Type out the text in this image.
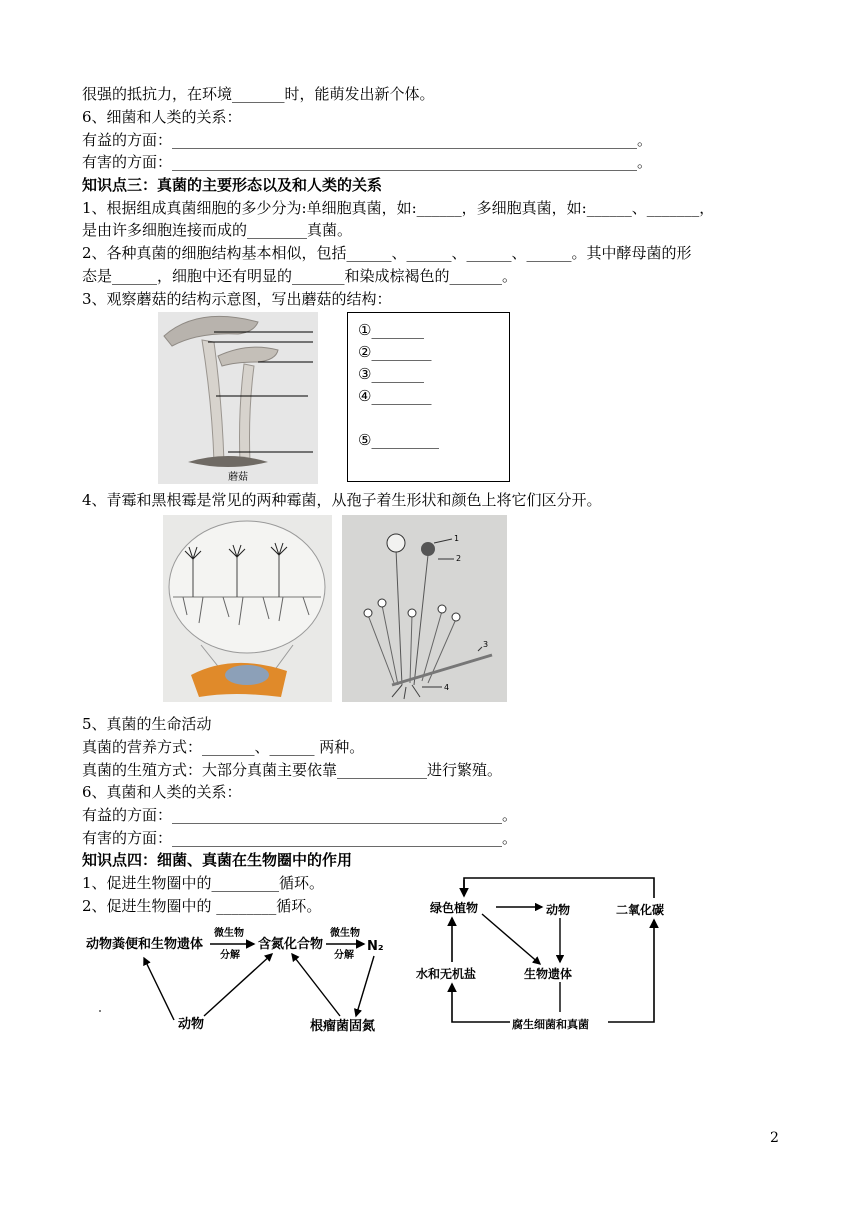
很强的抵抗力，在环境_______时，能萌发出新个体。
6、细菌和人类的关系：
有益的方面：______________________________________________________________。
有害的方面：______________________________________________________________。
知识点三：真菌的主要形态以及和人类的关系
1、根据组成真菌细胞的多少分为:单细胞真菌，如:______，多细胞真菌，如:______、_______，
是由许多细胞连接而成的________真菌。
2、各种真菌的细胞结构基本相似，包括______、______、______、______。其中酵母菌的形
态是______，细胞中还有明显的_______和染成棕褐色的_______。
3、观察蘑菇的结构示意图，写出蘑菇的结构：
蘑菇
①_______
②________
③_______
④________
⑤_________
4、青霉和黑根霉是常见的两种霉菌，从孢子着生形状和颜色上将它们区分开。
1
2
3
4
5、真菌的生命活动
真菌的营养方式：_______、______ 两种。
真菌的生殖方式：大部分真菌主要依靠____________进行繁殖。
6、真菌和人类的关系：
有益的方面：____________________________________________。
有害的方面：____________________________________________。
知识点四：细菌、真菌在生物圈中的作用
1、促进生物圈中的_________循环。
2、促进生物圈中的 ________循环。
动物粪便和生物遗体
微生物
分解
含氮化合物
微生物
分解
N₂
动物	根瘤菌固氮
绿色植物	动物	二氧化碳
水和无机盐	生物遗体
腐生细菌和真菌
2
